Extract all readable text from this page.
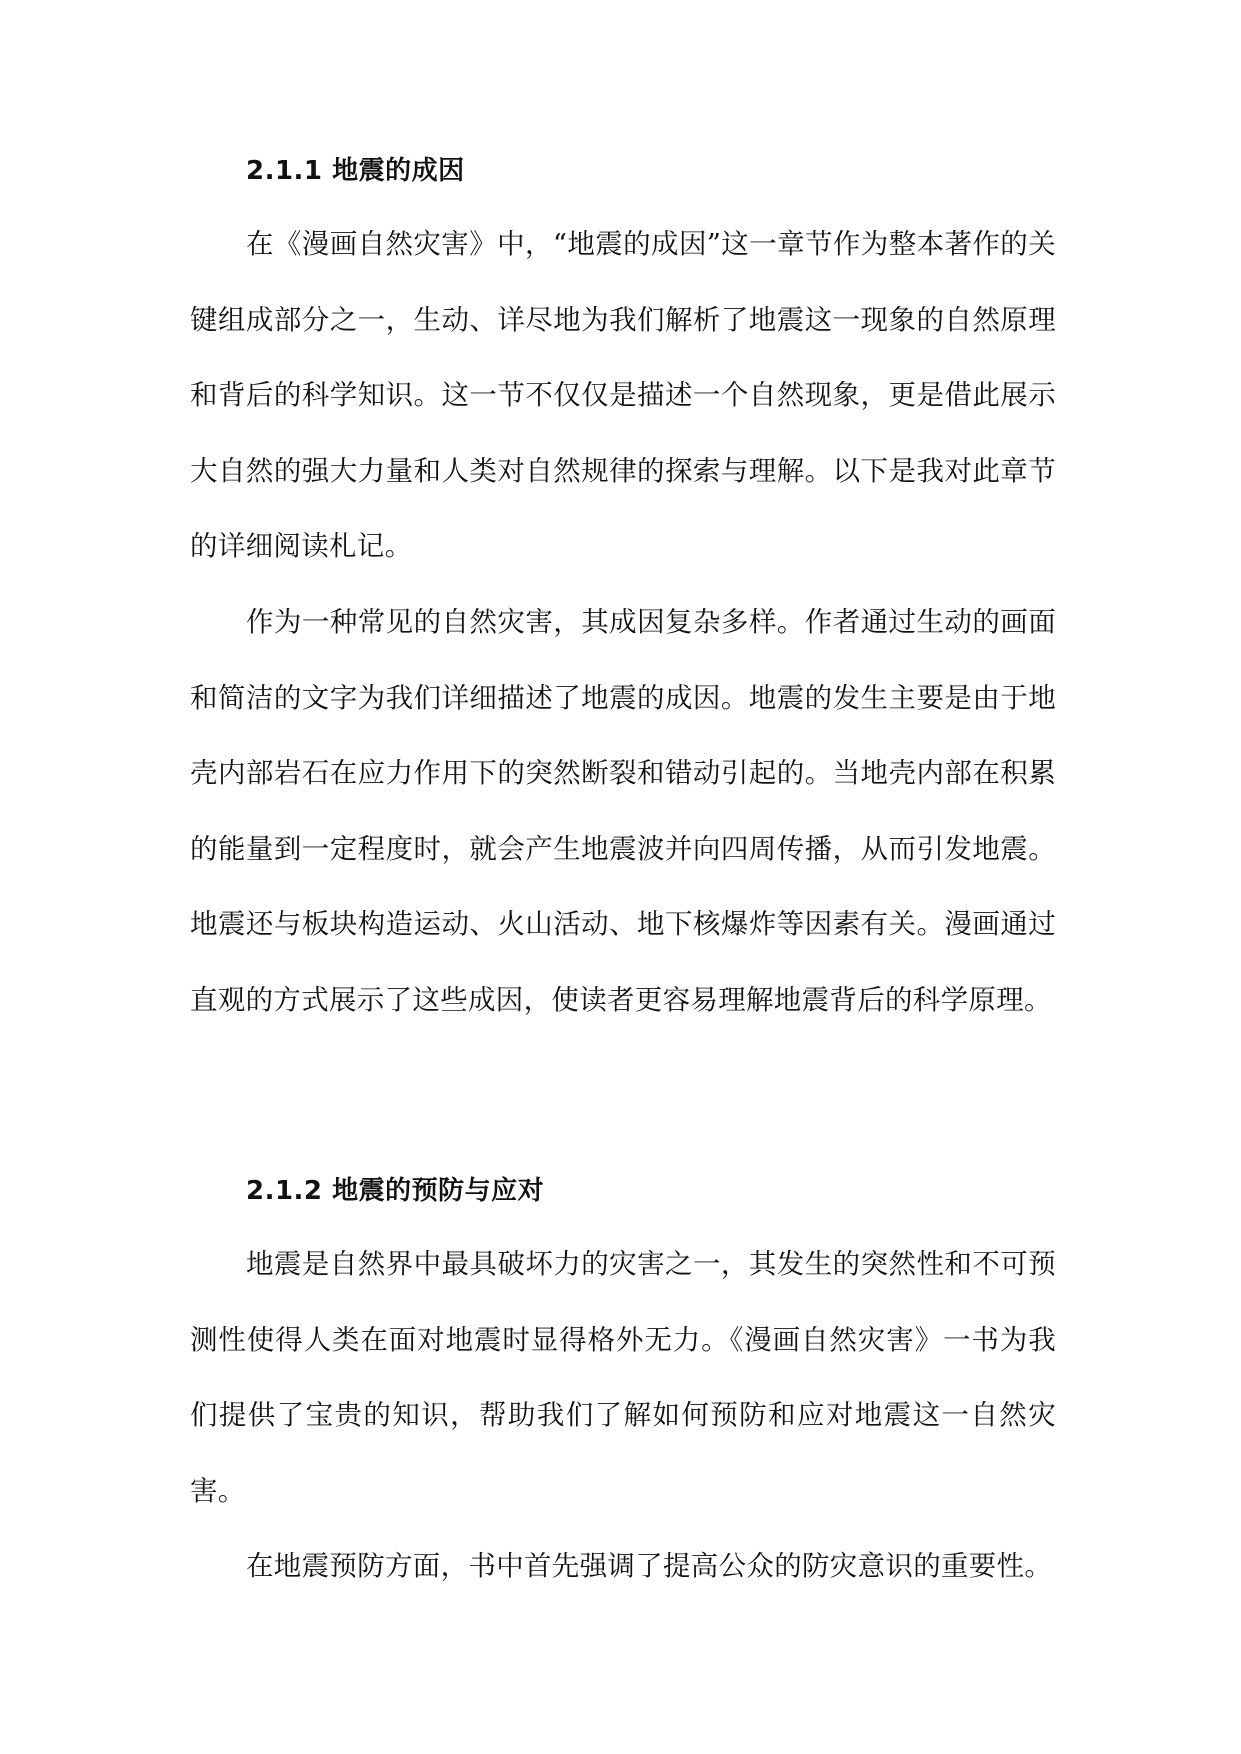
2.1.1 地震的成因

在《漫画自然灾害》中，“地震的成因”这一章节作为整本著作的关键组成部分之一，生动、详尽地为我们解析了地震这一现象的自然原理和背后的科学知识。这一节不仅仅是描述一个自然现象，更是借此展示大自然的强大力量和人类对自然规律的探索与理解。以下是我对此章节的详细阅读札记。

作为一种常见的自然灾害，其成因复杂多样。作者通过生动的画面和简洁的文字为我们详细描述了地震的成因。地震的发生主要是由于地壳内部岩石在应力作用下的突然断裂和错动引起的。当地壳内部在积累的能量到一定程度时，就会产生地震波并向四周传播，从而引发地震。地震还与板块构造运动、火山活动、地下核爆炸等因素有关。漫画通过直观的方式展示了这些成因，使读者更容易理解地震背后的科学原理。

2.1.2 地震的预防与应对

地震是自然界中最具破坏力的灾害之一，其发生的突然性和不可预测性使得人类在面对地震时显得格外无力。《漫画自然灾害》一书为我们提供了宝贵的知识，帮助我们了解如何预防和应对地震这一自然灾害。

在地震预防方面，书中首先强调了提高公众的防灾意识的重要性。
